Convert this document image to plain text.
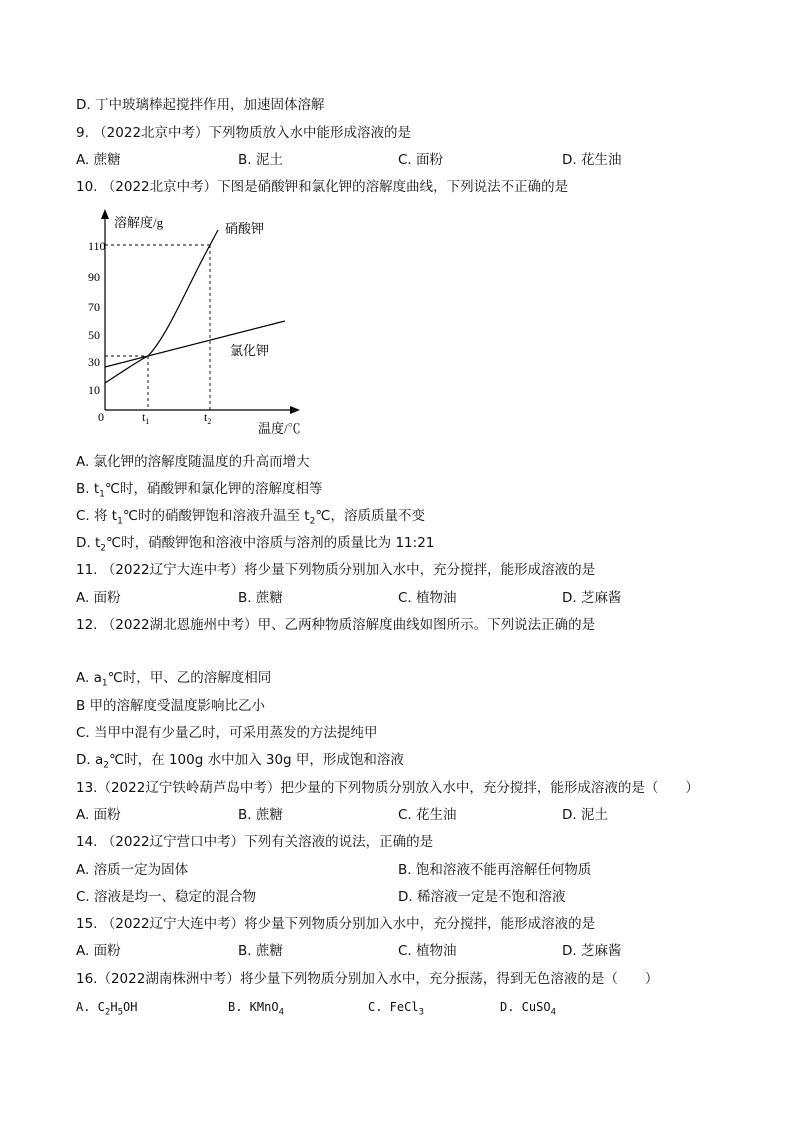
D. 丁中玻璃棒起搅拌作用，加速固体溶解
9. （2022北京中考）下列物质放入水中能形成溶液的是
A. 蔗糖	B. 泥土	C. 面粉	D. 花生油
10. （2022北京中考）下图是硝酸钾和氯化钾的溶解度曲线，下列说法不正确的是
溶解度/g
110
90
70
50
30
10
0	$t_1$	$t_2$	温度/℃
硝酸钾
氯化钾
A. 氯化钾的溶解度随温度的升高而增大
B. $t_1℃$时，硝酸钾和氯化钾的溶解度相等
C. 将 $t_1℃$时的硝酸钾饱和溶液升温至 $t_2℃$，溶质质量不变
D. $t_2℃$时，硝酸钾饱和溶液中溶质与溶剂的质量比为 11:21
11. （2022辽宁大连中考）将少量下列物质分别加入水中，充分搅拌，能形成溶液的是
A. 面粉	B. 蔗糖	C. 植物油	D. 芝麻酱
12. （2022湖北恩施州中考）甲、乙两种物质溶解度曲线如图所示。下列说法正确的是
A. $a_1℃$时，甲、乙的溶解度相同
B 甲的溶解度受温度影响比乙小
C. 当甲中混有少量乙时，可采用蒸发的方法提纯甲
D. $a_2℃$时，在 100g 水中加入 30g 甲，形成饱和溶液
13.（2022辽宁铁岭葫芦岛中考）把少量的下列物质分别放入水中，充分搅拌，能形成溶液的是（　　）
A. 面粉	B. 蔗糖	C. 花生油	D. 泥土
14. （2022辽宁营口中考）下列有关溶液的说法，正确的是
A. 溶质一定为固体	B. 饱和溶液不能再溶解任何物质
C. 溶液是均一、稳定的混合物	D. 稀溶液一定是不饱和溶液
15. （2022辽宁大连中考）将少量下列物质分别加入水中，充分搅拌，能形成溶液的是
A. 面粉	B. 蔗糖	C. 植物油	D. 芝麻酱
16.（2022湖南株洲中考）将少量下列物质分别加入水中，充分振荡，得到无色溶液的是（　　）
A. $C_2H_5OH$	B. KMnO$_4$	C. FeCl$_3$	D. CuSO$_4$
